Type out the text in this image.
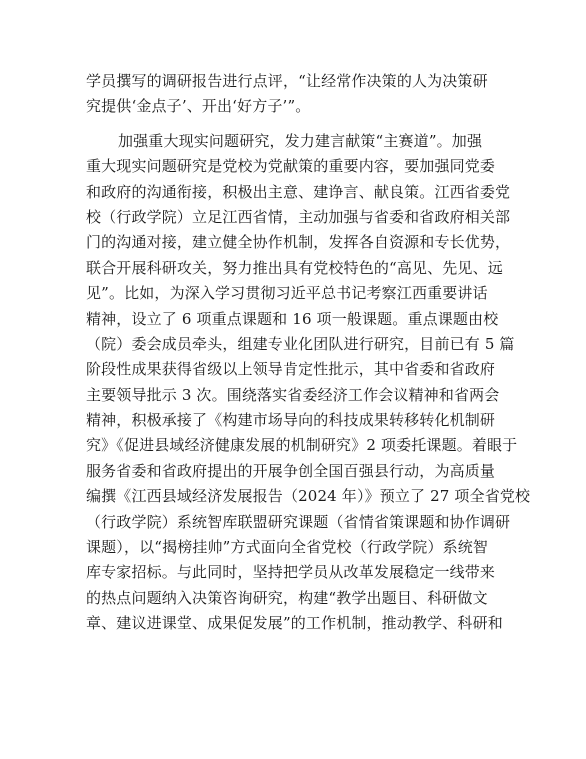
学员撰写的调研报告进行点评，“让经常作决策的人为决策研
究提供‘金点子’、开出‘好方子’”。
加强重大现实问题研究，发力建言献策“主赛道”。加强
重大现实问题研究是党校为党献策的重要内容，要加强同党委
和政府的沟通衔接，积极出主意、建诤言、献良策。江西省委党
校（行政学院）立足江西省情，主动加强与省委和省政府相关部
门的沟通对接，建立健全协作机制，发挥各自资源和专长优势，
联合开展科研攻关，努力推出具有党校特色的“高见、先见、远
见”。比如，为深入学习贯彻习近平总书记考察江西重要讲话
精神，设立了 6 项重点课题和 16 项一般课题。重点课题由校
（院）委会成员牵头，组建专业化团队进行研究，目前已有 5 篇
阶段性成果获得省级以上领导肯定性批示，其中省委和省政府
主要领导批示 3 次。围绕落实省委经济工作会议精神和省两会
精神，积极承接了《构建市场导向的科技成果转移转化机制研
究》《促进县域经济健康发展的机制研究》2 项委托课题。着眼于
服务省委和省政府提出的开展争创全国百强县行动，为高质量
编撰《江西县域经济发展报告（2024 年）》预立了 27 项全省党校
（行政学院）系统智库联盟研究课题（省情省策课题和协作调研
课题），以“揭榜挂帅”方式面向全省党校（行政学院）系统智
库专家招标。与此同时，坚持把学员从改革发展稳定一线带来
的热点问题纳入决策咨询研究，构建“教学出题目、科研做文
章、建议进课堂、成果促发展”的工作机制，推动教学、科研和
